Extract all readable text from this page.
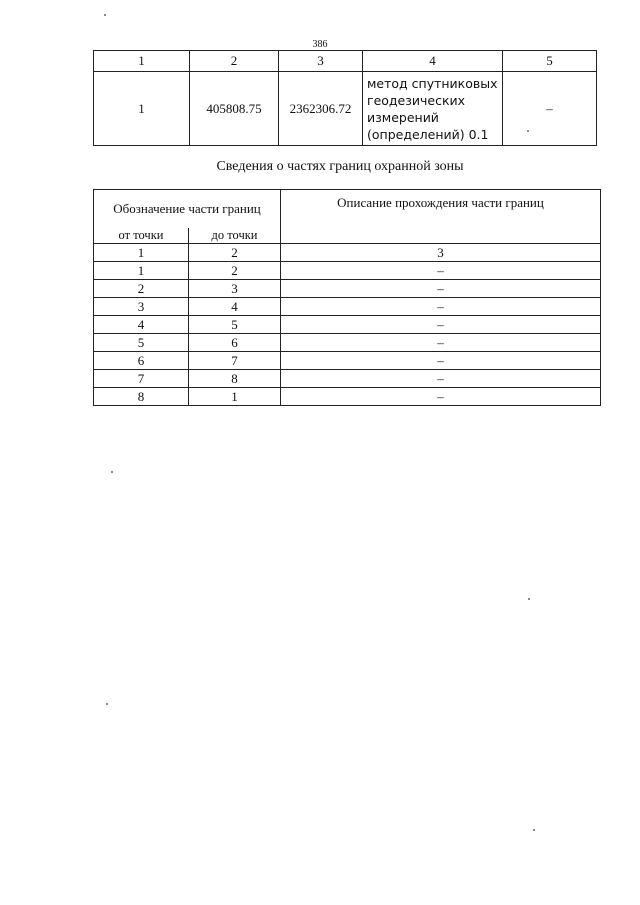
386
1	2	3	4	5
1	405808.75	2362306.72	метод спутниковых геодезических измерений (определений) 0.1	–
Сведения о частях границ охранной зоны
Обозначение части границ		Описание прохождения части границ
от точки	до точки	
1	2	3
1	2	–
2	3	–
3	4	–
4	5	–
5	6	–
6	7	–
7	8	–
8	1	–
